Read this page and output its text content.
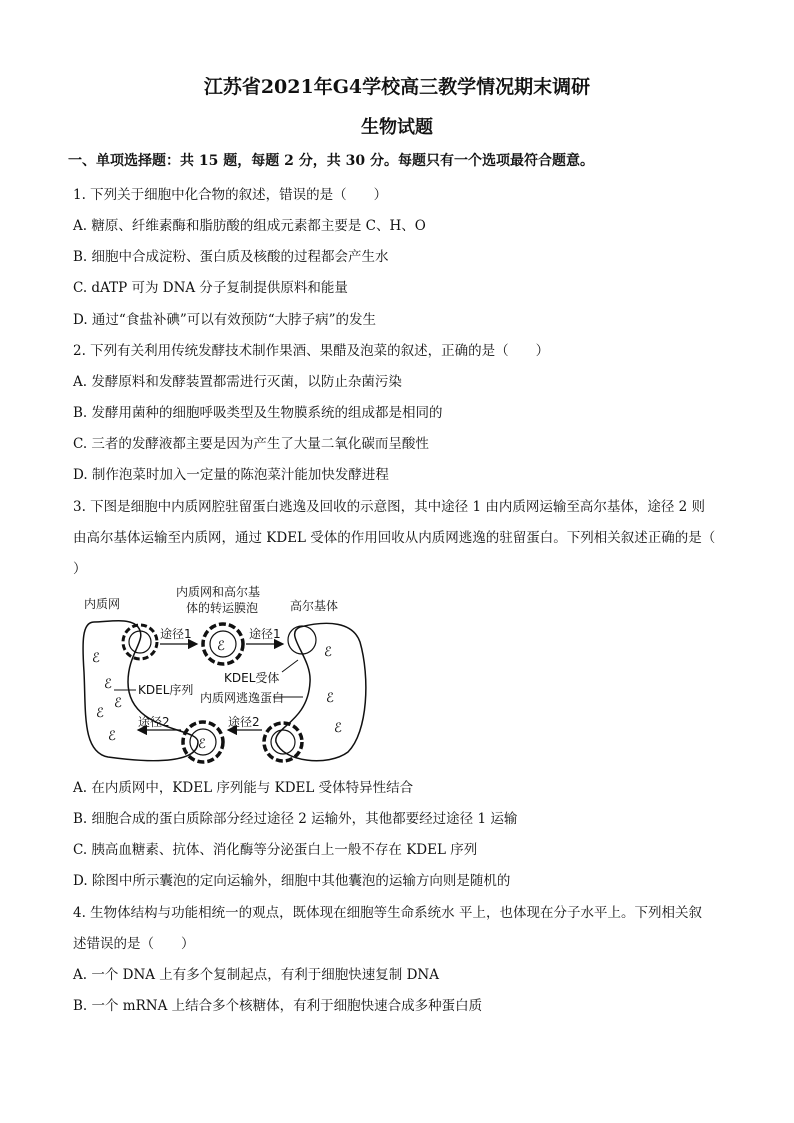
江苏省2021年G4学校高三教学情况期末调研
生物试题
一、单项选择题：共 15 题，每题 2 分，共 30 分。每题只有一个选项最符合题意。
1. 下列关于细胞中化合物的叙述，错误的是（　　）
A. 糖原、纤维素酶和脂肪酸的组成元素都主要是 C、H、O
B. 细胞中合成淀粉、蛋白质及核酸的过程都会产生水
C. dATP 可为 DNA 分子复制提供原料和能量
D. 通过“食盐补碘”可以有效预防“大脖子病”的发生
2. 下列有关利用传统发酵技术制作果酒、果醋及泡菜的叙述，正确的是（　　）
A. 发酵原料和发酵装置都需进行灭菌，以防止杂菌污染
B. 发酵用菌种的细胞呼吸类型及生物膜系统的组成都是相同的
C. 三者的发酵液都主要是因为产生了大量二氧化碳而呈酸性
D. 制作泡菜时加入一定量的陈泡菜汁能加快发酵进程
3. 下图是细胞中内质网腔驻留蛋白逃逸及回收的示意图，其中途径 1 由内质网运输至高尔基体，途径 2 则
由高尔基体运输至内质网，通过 KDEL 受体的作用回收从内质网逃逸的驻留蛋白。下列相关叙述正确的是（
）
ℰ
ℰ
ℰ
ℰ
ℰ
ℰ
ℰ
ℰ
ℰ
ℰ
内质网
内质网和高尔基
体的转运膜泡	高尔基体
途径1	途径1
KDEL受体
KDEL序列
内质网逃逸蛋白
途径2	途径2
A. 在内质网中，KDEL 序列能与 KDEL 受体特异性结合
B. 细胞合成的蛋白质除部分经过途径 2 运输外，其他都要经过途径 1 运输
C. 胰高血糖素、抗体、消化酶等分泌蛋白上一般不存在 KDEL 序列
D. 除图中所示囊泡的定向运输外，细胞中其他囊泡的运输方向则是随机的
4. 生物体结构与功能相统一的观点，既体现在细胞等生命系统水 平上，也体现在分子水平上。下列相关叙
述错误的是（　　）
A. 一个 DNA 上有多个复制起点，有利于细胞快速复制 DNA
B. 一个 mRNA 上结合多个核糖体，有利于细胞快速合成多种蛋白质
